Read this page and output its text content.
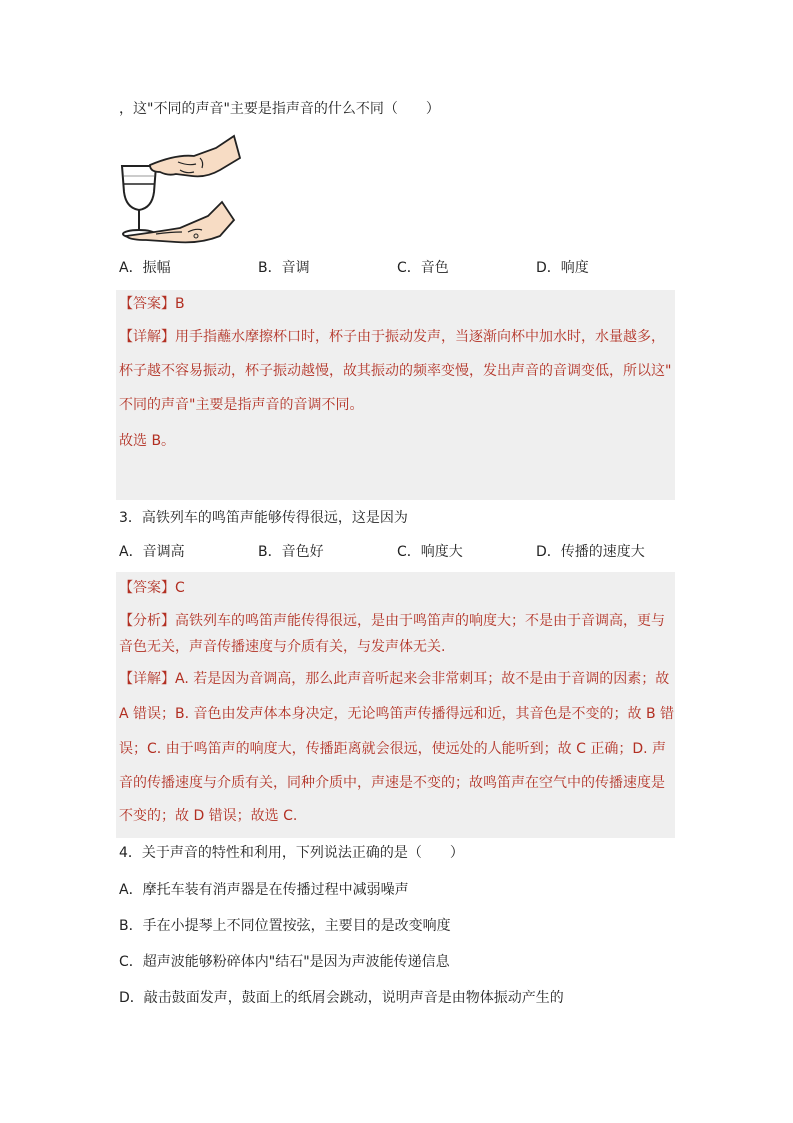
，这"不同的声音"主要是指声音的什么不同（　　）
A．振幅	B．音调	C．音色	D．响度
【答案】B
【详解】用手指蘸水摩擦杯口时，杯子由于振动发声，当逐渐向杯中加水时，水量越多，
杯子越不容易振动，杯子振动越慢，故其振动的频率变慢，发出声音的音调变低，所以这"
不同的声音"主要是指声音的音调不同。
故选 B。
3．高铁列车的鸣笛声能够传得很远，这是因为
A．音调高	B．音色好	C．响度大	D．传播的速度大
【答案】C
【分析】高铁列车的鸣笛声能传得很远，是由于鸣笛声的响度大；不是由于音调高，更与
音色无关，声音传播速度与介质有关，与发声体无关.
【详解】A. 若是因为音调高，那么此声音听起来会非常刺耳；故不是由于音调的因素；故
A 错误；B. 音色由发声体本身决定，无论鸣笛声传播得远和近，其音色是不变的；故 B 错
误；C. 由于鸣笛声的响度大，传播距离就会很远，使远处的人能听到；故 C 正确；D. 声
音的传播速度与介质有关，同种介质中，声速是不变的；故鸣笛声在空气中的传播速度是
不变的；故 D 错误；故选 C.
4．关于声音的特性和利用，下列说法正确的是（　　）
A．摩托车装有消声器是在传播过程中减弱噪声
B．手在小提琴上不同位置按弦，主要目的是改变响度
C．超声波能够粉碎体内"结石"是因为声波能传递信息
D．敲击鼓面发声，鼓面上的纸屑会跳动，说明声音是由物体振动产生的
